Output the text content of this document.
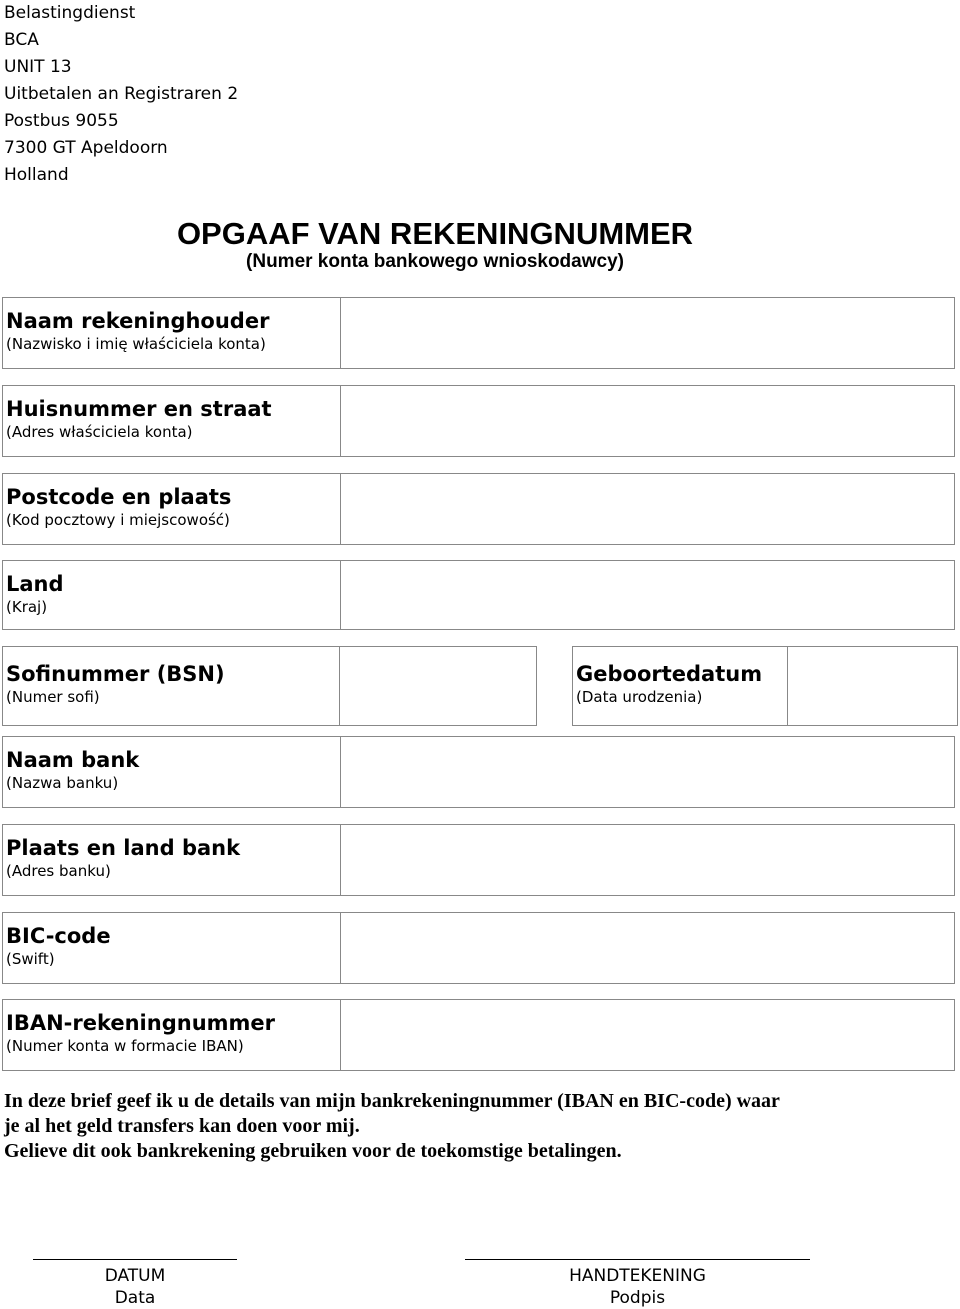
Belastingdienst
BCA
UNIT 13
Uitbetalen an Registraren 2
Postbus 9055
7300 GT Apeldoorn
Holland
OPGAAF VAN REKENINGNUMMER
(Numer konta bankowego wnioskodawcy)
Naam rekeninghouder
(Nazwisko i imię właściciela konta)
Huisnummer en straat
(Adres właściciela konta)
Postcode en plaats
(Kod pocztowy i miejscowość)
Land
(Kraj)
Sofinummer (BSN)
(Numer sofi)
Geboortedatum
(Data urodzenia)
Naam bank
(Nazwa banku)
Plaats en land bank
(Adres banku)
BIC-code
(Swift)
IBAN-rekeningnummer
(Numer konta w formacie IBAN)
In deze brief geef ik u de details van mijn bankrekeningnummer (IBAN en BIC-code) waar
je al het geld transfers kan doen voor mij.
Gelieve dit ook bankrekening gebruiken voor de toekomstige betalingen.
DATUM
Data
HANDTEKENING
Podpis
